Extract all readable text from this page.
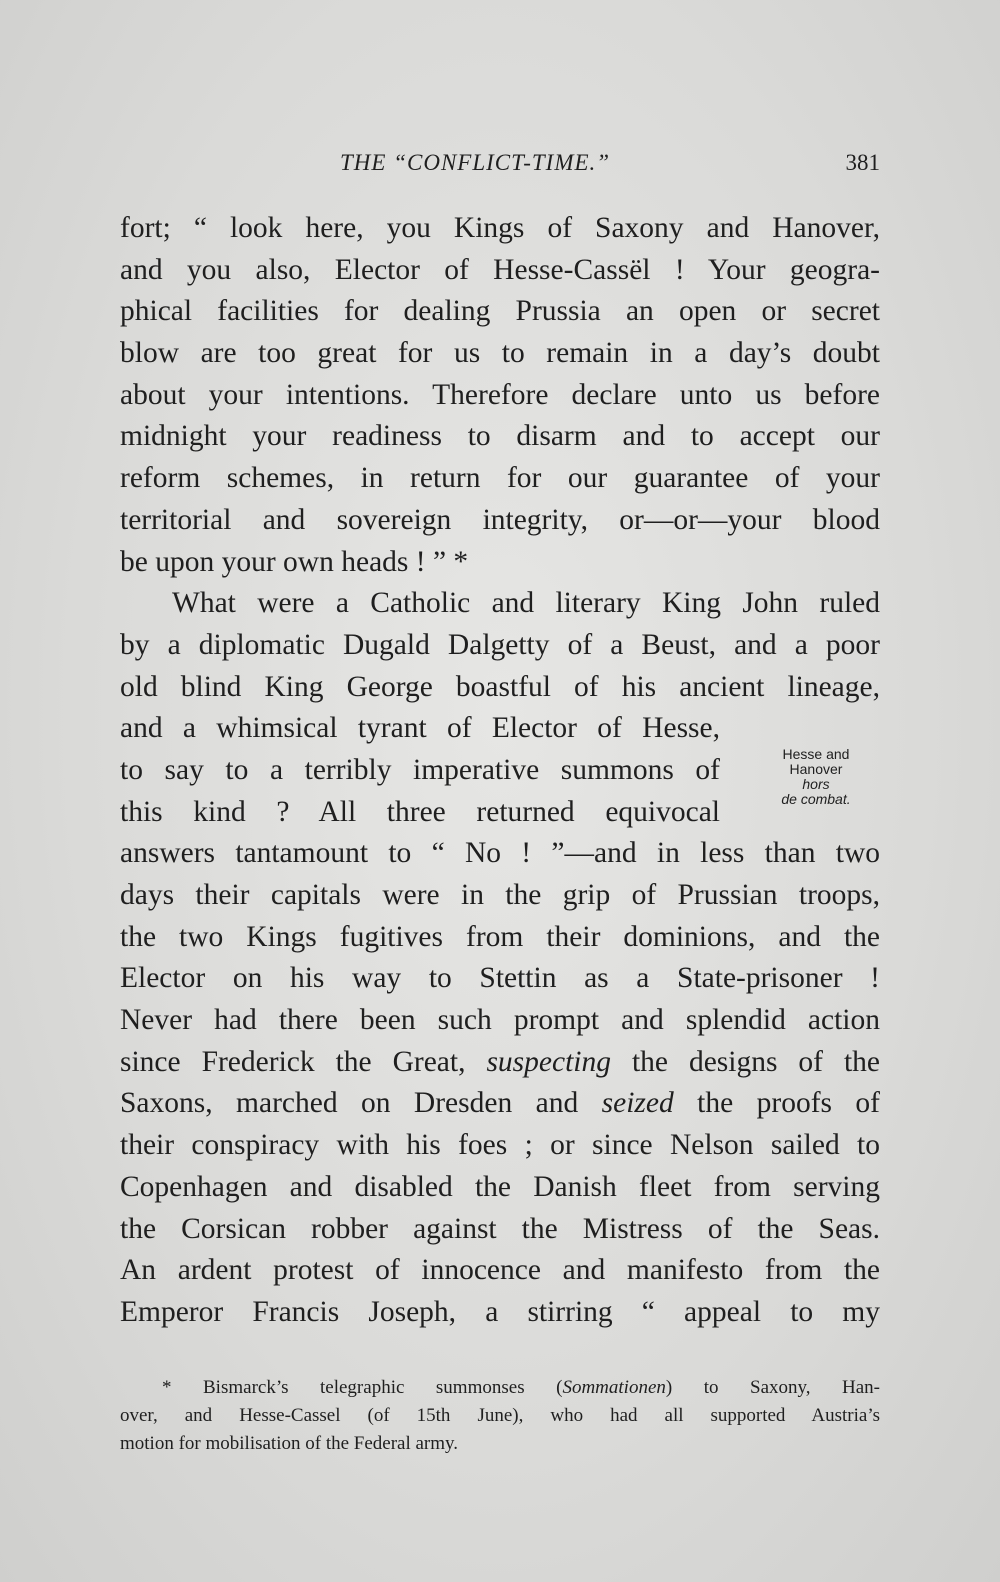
THE “CONFLICT-TIME.”	381
fort; “ look here, you Kings of Saxony and Hanover,
and you also, Elector of Hesse-Cassël ! Your geogra-
phical facilities for dealing Prussia an open or secret
blow are too great for us to remain in a day’s doubt
about your intentions. Therefore declare unto us before
midnight your readiness to disarm and to accept our
reform schemes, in return for our guarantee of your
territorial and sovereign integrity, or—or—your blood
be upon your own heads ! ” *
What were a Catholic and literary King John ruled
by a diplomatic Dugald Dalgetty of a Beust, and a poor
old blind King George boastful of his ancient lineage,
and a whimsical tyrant of Elector of Hesse,
to say to a terribly imperative summons of
this kind ? All three returned equivocal
answers tantamount to “ No ! ”—and in less than two
days their capitals were in the grip of Prussian troops,
the two Kings fugitives from their dominions, and the
Elector on his way to Stettin as a State-prisoner !
Never had there been such prompt and splendid action
since Frederick the Great, suspecting the designs of the
Saxons, marched on Dresden and seized the proofs of
their conspiracy with his foes ; or since Nelson sailed to
Copenhagen and disabled the Danish fleet from serving
the Corsican robber against the Mistress of the Seas.
An ardent protest of innocence and manifesto from the
Emperor Francis Joseph, a stirring “ appeal to my
Hesse and
Hanover
hors
de combat.
* Bismarck’s telegraphic summonses (Sommationen) to Saxony, Han-
over, and Hesse-Cassel (of 15th June), who had all supported Austria’s
motion for mobilisation of the Federal army.
